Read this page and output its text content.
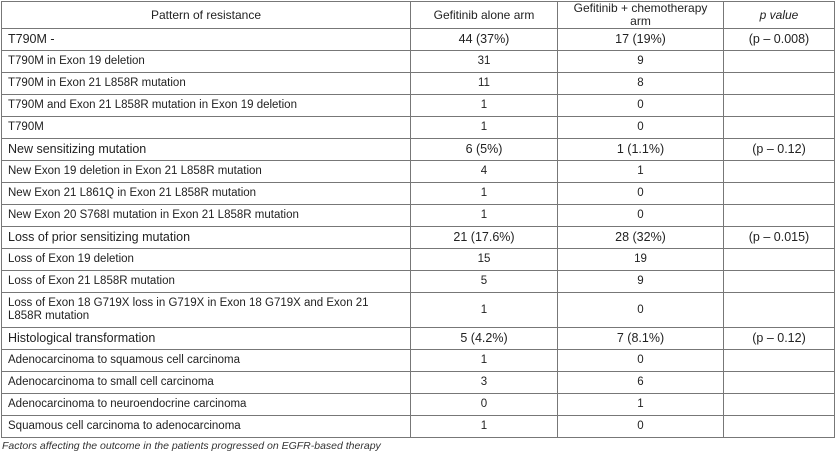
Pattern of resistance	Gefitinib alone arm	Gefitinib + chemotherapy arm	p value
T790M -	44 (37%)	17 (19%)	(p – 0.008)
T790M in Exon 19 deletion	31	9	
T790M in Exon 21 L858R mutation	11	8	
T790M and Exon 21 L858R mutation in Exon 19 deletion	1	0	
T790M	1	0	
New sensitizing mutation	6 (5%)	1 (1.1%)	(p – 0.12)
New Exon 19 deletion in Exon 21 L858R mutation	4	1	
New Exon 21 L861Q in Exon 21 L858R mutation	1	0	
New Exon 20 S768I mutation in Exon 21 L858R mutation	1	0	
Loss of prior sensitizing mutation	21 (17.6%)	28 (32%)	(p – 0.015)
Loss of Exon 19 deletion	15	19	
Loss of Exon 21 L858R mutation	5	9	
Loss of Exon 18 G719X loss in G719X in Exon 18 G719X and Exon 21 L858R mutation	1	0	
Histological transformation	5 (4.2%)	7 (8.1%)	(p – 0.12)
Adenocarcinoma to squamous cell carcinoma	1	0	
Adenocarcinoma to small cell carcinoma	3	6	
Adenocarcinoma to neuroendocrine carcinoma	0	1	
Squamous cell carcinoma to adenocarcinoma	1	0	
Factors affecting the outcome in the patients progressed on EGFR-based therapy
